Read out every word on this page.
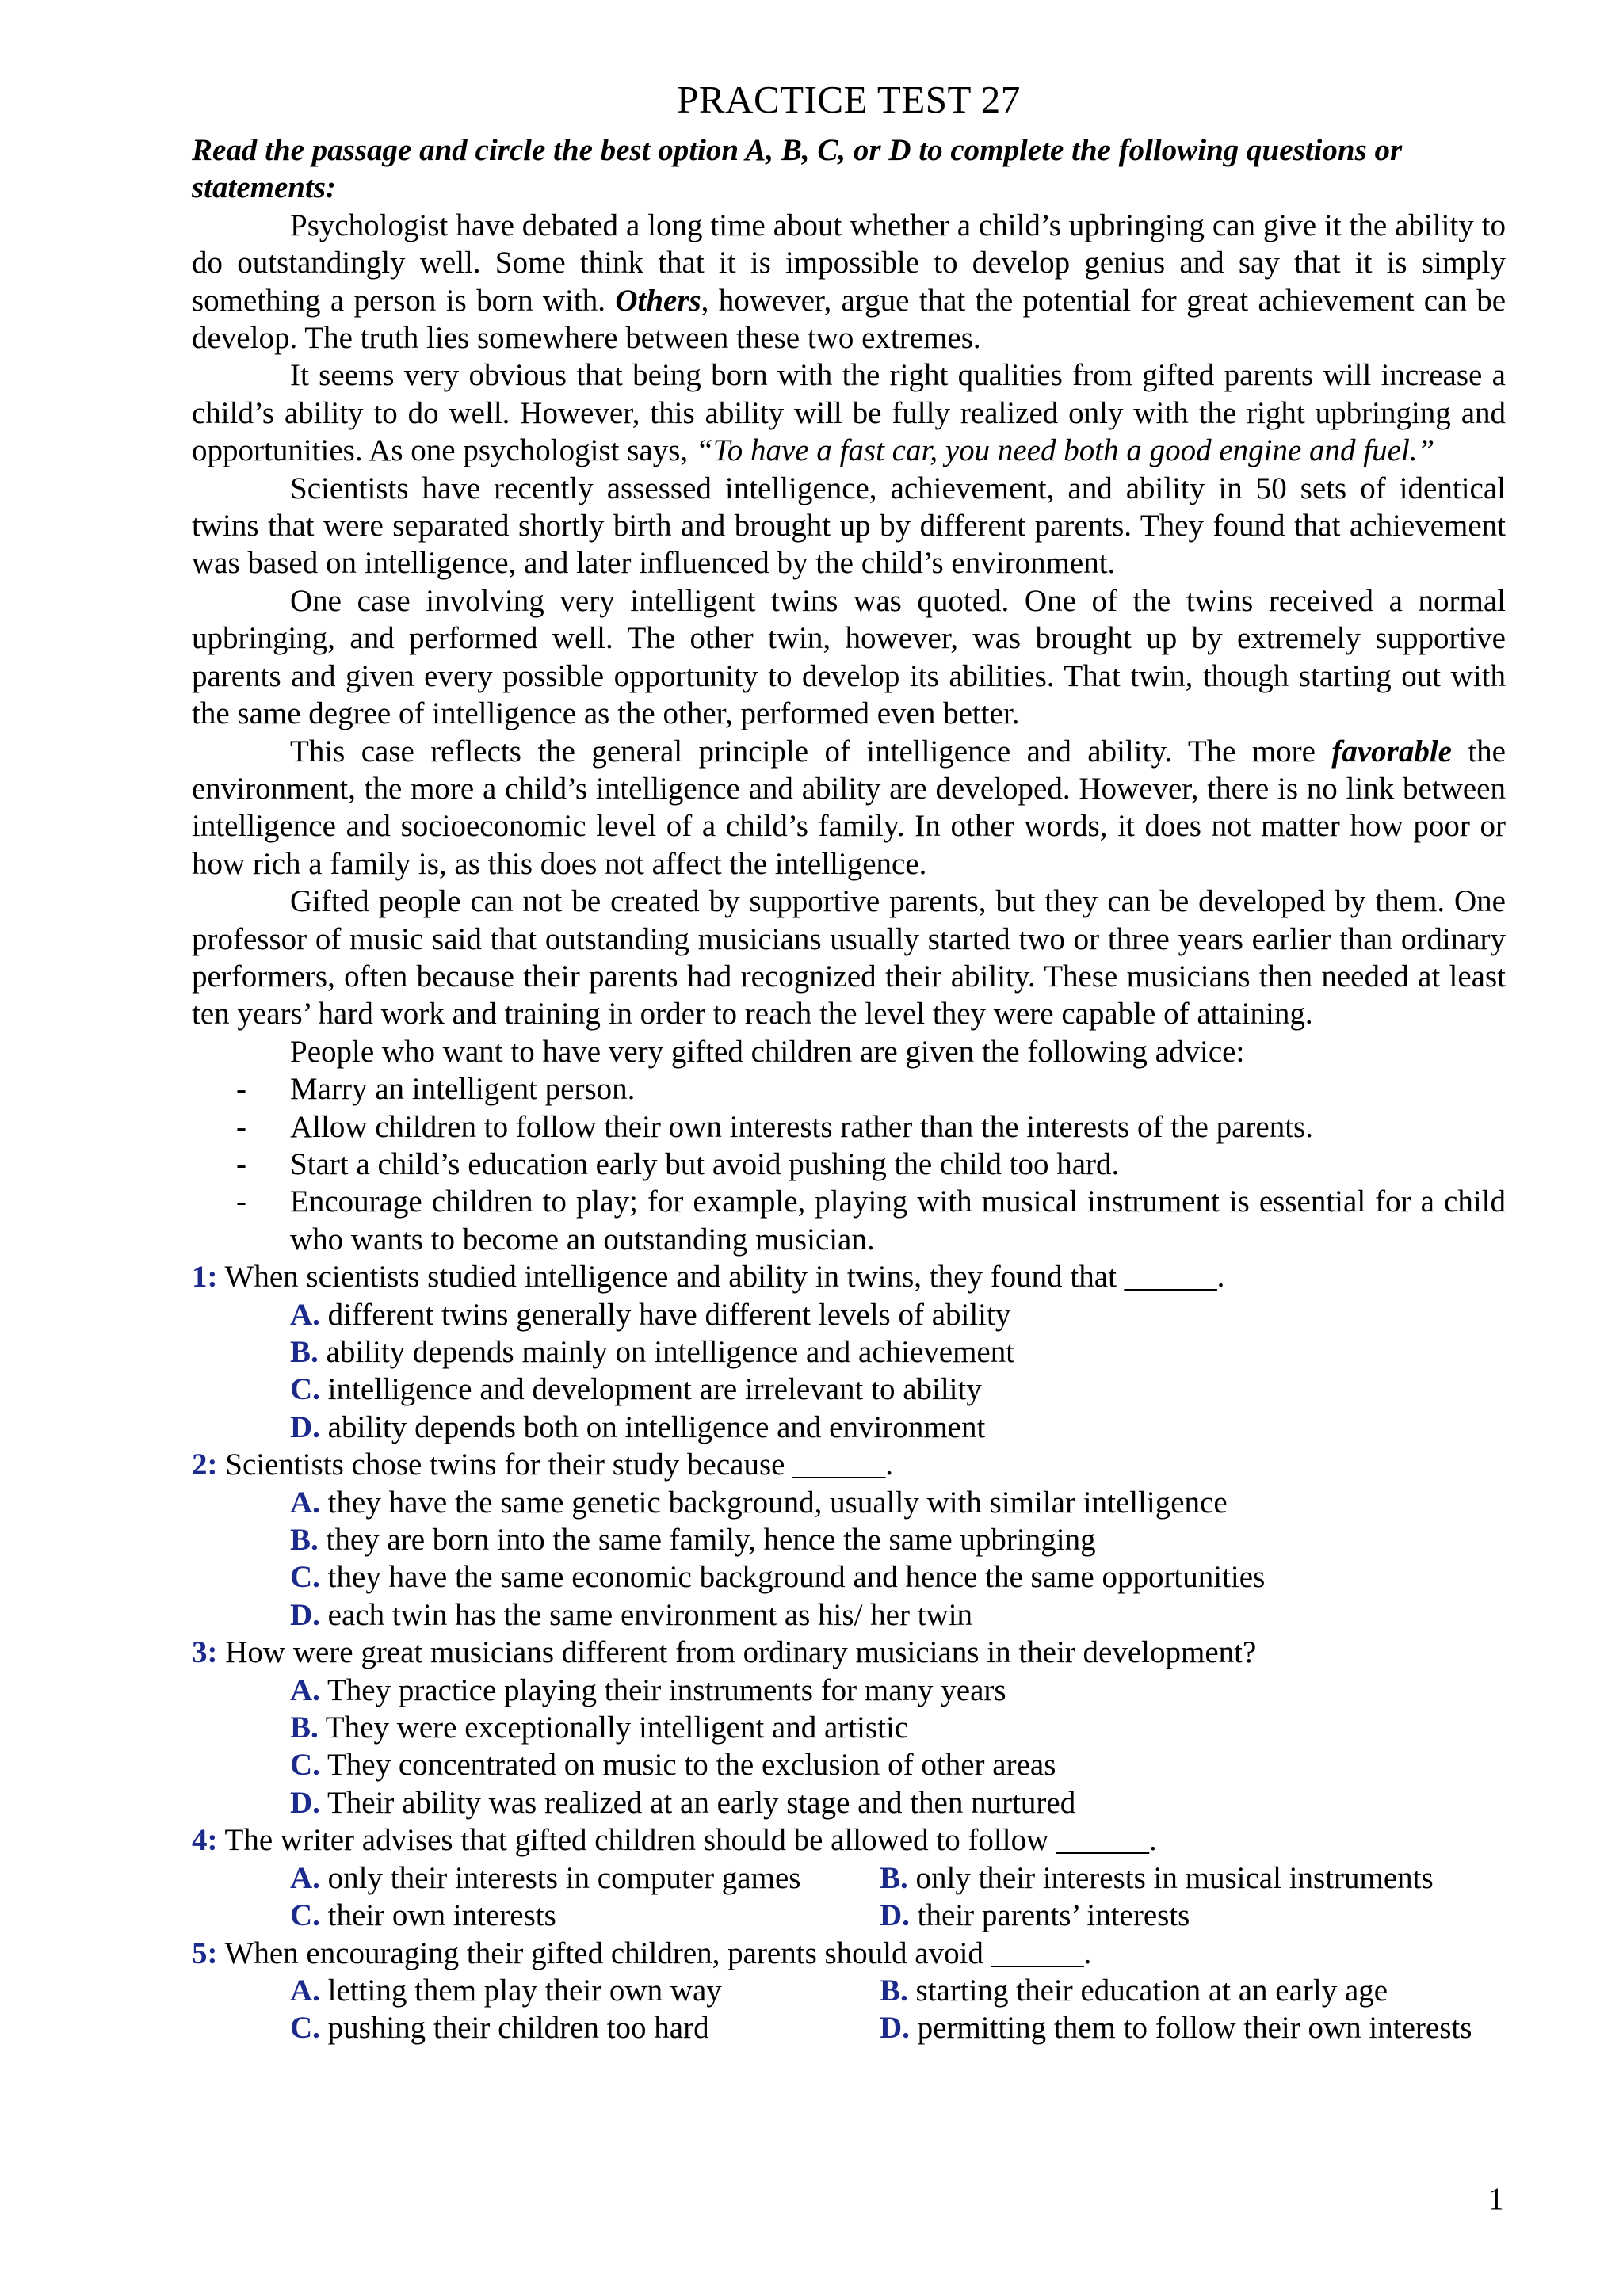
PRACTICE TEST 27

Read the passage and circle the best option A, B, C, or D to complete the following questions or statements:

Psychologist have debated a long time about whether a child’s upbringing can give it the ability to do outstandingly well. Some think that it is impossible to develop genius and say that it is simply something a person is born with. Others, however, argue that the potential for great achievement can be develop. The truth lies somewhere between these two extremes.

It seems very obvious that being born with the right qualities from gifted parents will increase a child’s ability to do well. However, this ability will be fully realized only with the right upbringing and opportunities. As one psychologist says, “To have a fast car, you need both a good engine and fuel.”

Scientists have recently assessed intelligence, achievement, and ability in 50 sets of identical twins that were separated shortly birth and brought up by different parents. They found that achievement was based on intelligence, and later influenced by the child’s environment.

One case involving very intelligent twins was quoted. One of the twins received a normal upbringing, and performed well. The other twin, however, was brought up by extremely supportive parents and given every possible opportunity to develop its abilities. That twin, though starting out with the same degree of intelligence as the other, performed even better.

This case reflects the general principle of intelligence and ability. The more favorable the environment, the more a child’s intelligence and ability are developed. However, there is no link between intelligence and socioeconomic level of a child’s family. In other words, it does not matter how poor or how rich a family is, as this does not affect the intelligence.

Gifted people can not be created by supportive parents, but they can be developed by them. One professor of music said that outstanding musicians usually started two or three years earlier than ordinary performers, often because their parents had recognized their ability. These musicians then needed at least ten years’ hard work and training in order to reach the level they were capable of attaining.

People who want to have very gifted children are given the following advice:

- Marry an intelligent person.
- Allow children to follow their own interests rather than the interests of the parents.
- Start a child’s education early but avoid pushing the child too hard.
- Encourage children to play; for example, playing with musical instrument is essential for a child who wants to become an outstanding musician.

1: When scientists studied intelligence and ability in twins, they found that ______.

A. different twins generally have different levels of ability

B. ability depends mainly on intelligence and achievement

C. intelligence and development are irrelevant to ability

D. ability depends both on intelligence and environment

2: Scientists chose twins for their study because ______.

A. they have the same genetic background, usually with similar intelligence

B. they are born into the same family, hence the same upbringing

C. they have the same economic background and hence the same opportunities

D. each twin has the same environment as his/ her twin

3: How were great musicians different from ordinary musicians in their development?

A. They practice playing their instruments for many years

B. They were exceptionally intelligent and artistic

C. They concentrated on music to the exclusion of other areas

D. Their ability was realized at an early stage and then nurtured

4: The writer advises that gifted children should be allowed to follow ______.

A. only their interests in computer games	B. only their interests in musical instruments
C. their own interests	D. their parents’ interests

5: When encouraging their gifted children, parents should avoid ______.

A. letting them play their own way	B. starting their education at an early age
C. pushing their children too hard	D. permitting them to follow their own interests
1
